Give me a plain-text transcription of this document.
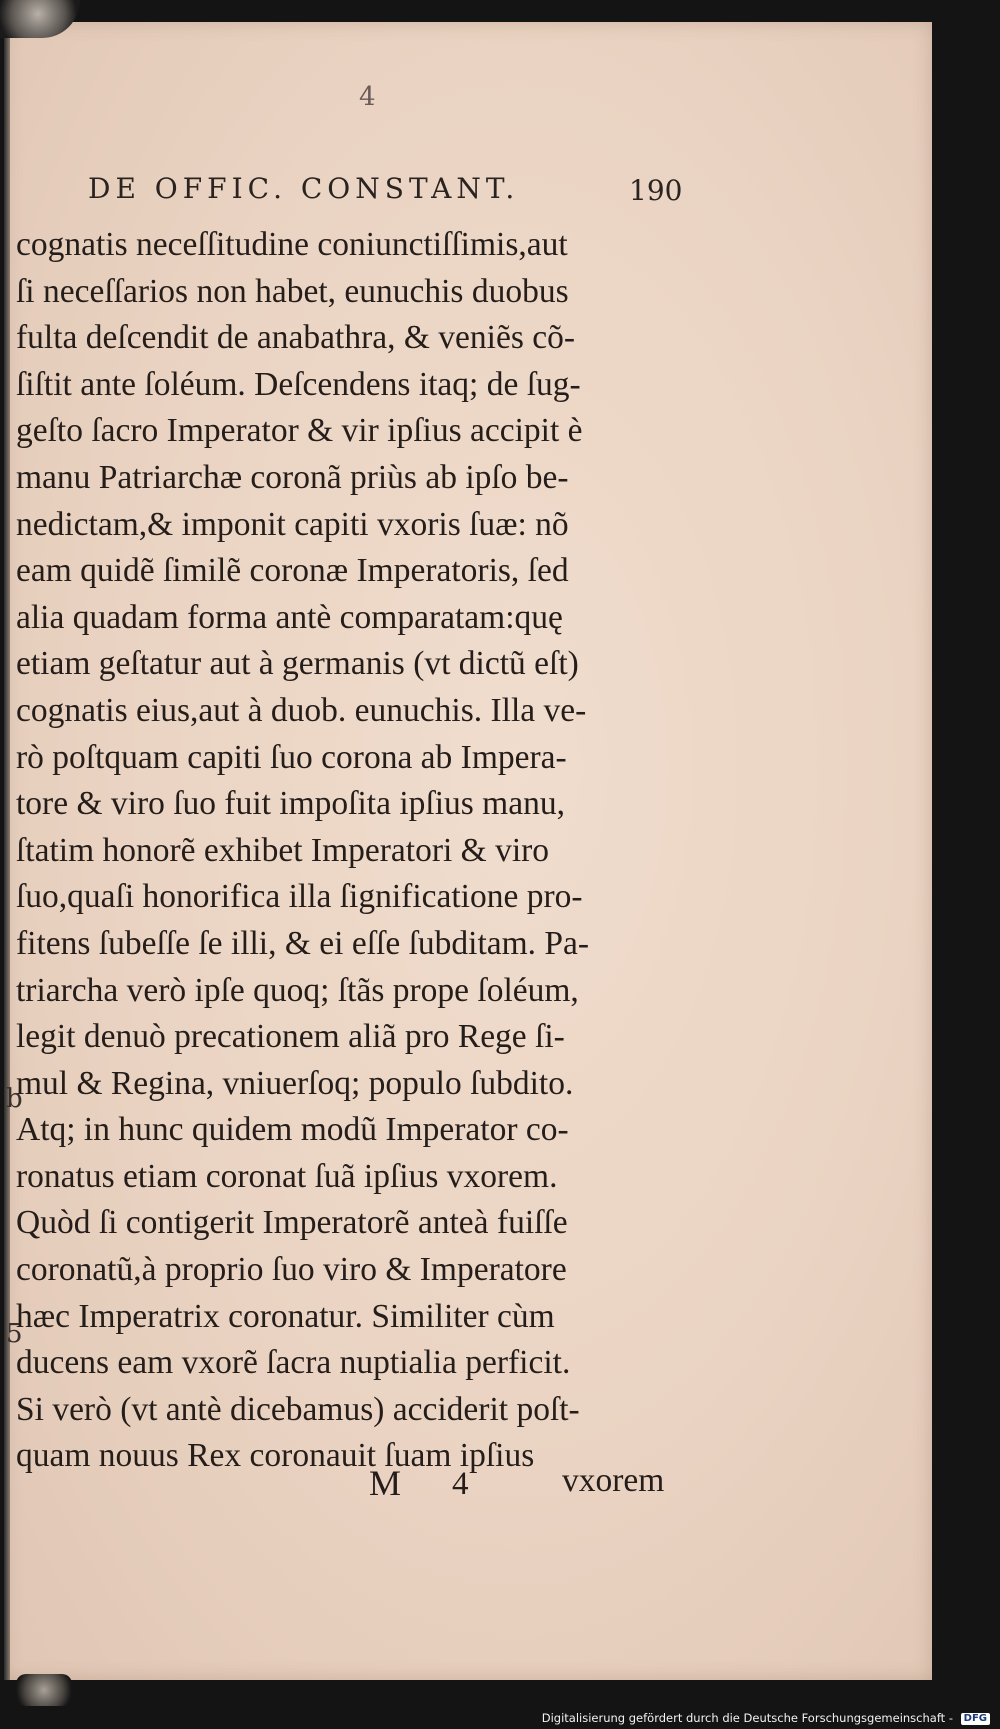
4
DE OFFIC. CONSTANT.	190
cognatis neceſſitudine coniunctiſſimis,aut
ſi neceſſarios non habet, eunuchis duobus
fulta deſcendit de anabathra, & veniẽs cõ-
ſiſtit ante ſoléum. Deſcendens itaq; de ſug-
geſto ſacro Imperator & vir ipſius accipit è
manu Patriarchæ coronã priùs ab ipſo be-
nedictam,& imponit capiti vxoris ſuæ: nõ
eam quidẽ ſimilẽ coronæ Imperatoris, ſed
alia quadam forma antè comparatam:quę
etiam geſtatur aut à germanis (vt dictũ eſt)
cognatis eius,aut à duob. eunuchis. Illa ve-
rò poſtquam capiti ſuo corona ab Impera-
tore & viro ſuo fuit impoſita ipſius manu,
ſtatim honorẽ exhibet Imperatori & viro
ſuo,quaſi honorifica illa ſignificatione pro-
fitens ſubeſſe ſe illi, & ei eſſe ſubditam. Pa-
triarcha verò ipſe quoq; ſtãs prope ſoléum,
legit denuò precationem aliã pro Rege ſi-
mul & Regina, vniuerſoq; populo ſubdito.
Atq; in hunc quidem modũ Imperator co-
ronatus etiam coronat ſuã ipſius vxorem.
Quòd ſi contigerit Imperatorẽ anteà fuiſſe
coronatũ,à proprio ſuo viro & Imperatore
hæc Imperatrix coronatur. Similiter cùm
ducens eam vxorẽ ſacra nuptialia perficit.
Si verò (vt antè dicebamus) acciderit poſt-
quam nouus Rex coronauit ſuam ipſius
b
5
M 4	vxorem
Digitalisierung gefördert durch die Deutsche Forschungsgemeinschaft - DFG
